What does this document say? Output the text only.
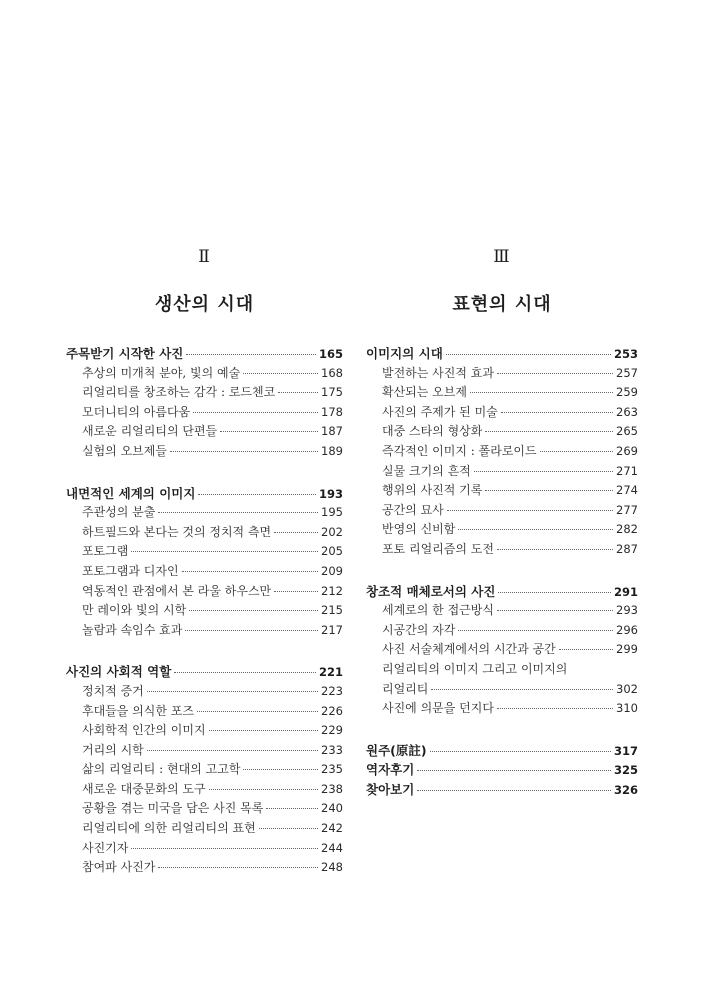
Ⅱ
생산의 시대
주목받기 시작한 사진	165
추상의 미개척 분야, 빛의 예술	168
리얼리티를 창조하는 감각 : 로드첸코	175
모더니티의 아름다움	178
새로운 리얼리티의 단편들	187
실험의 오브제들	189
내면적인 세계의 이미지	193
주관성의 분출	195
하트필드와 본다는 것의 정치적 측면	202
포토그램	205
포토그램과 디자인	209
역동적인 관점에서 본 라울 하우스만	212
만 레이와 빛의 시학	215
놀람과 속임수 효과	217
사진의 사회적 역할	221
정치적 증거	223
후대들을 의식한 포즈	226
사회학적 인간의 이미지	229
거리의 시학	233
삶의 리얼리티 : 현대의 고고학	235
새로운 대중문화의 도구	238
공황을 겪는 미국을 담은 사진 목록	240
리얼리티에 의한 리얼리티의 표현	242
사진기자	244
참여파 사진가	248
Ⅲ
표현의 시대
이미지의 시대	253
발전하는 사진적 효과	257
확산되는 오브제	259
사진의 주제가 된 미술	263
대중 스타의 형상화	265
즉각적인 이미지 : 폴라로이드	269
실물 크기의 흔적	271
행위의 사진적 기록	274
공간의 묘사	277
반영의 신비함	282
포토 리얼리즘의 도전	287
창조적 매체로서의 사진	291
세계로의 한 접근방식	293
시공간의 자각	296
사진 서술체계에서의 시간과 공간	299
리얼리티의 이미지 그리고 이미지의
리얼리티	302
사진에 의문을 던지다	310
원주(原註)	317
역자후기	325
찾아보기	326
